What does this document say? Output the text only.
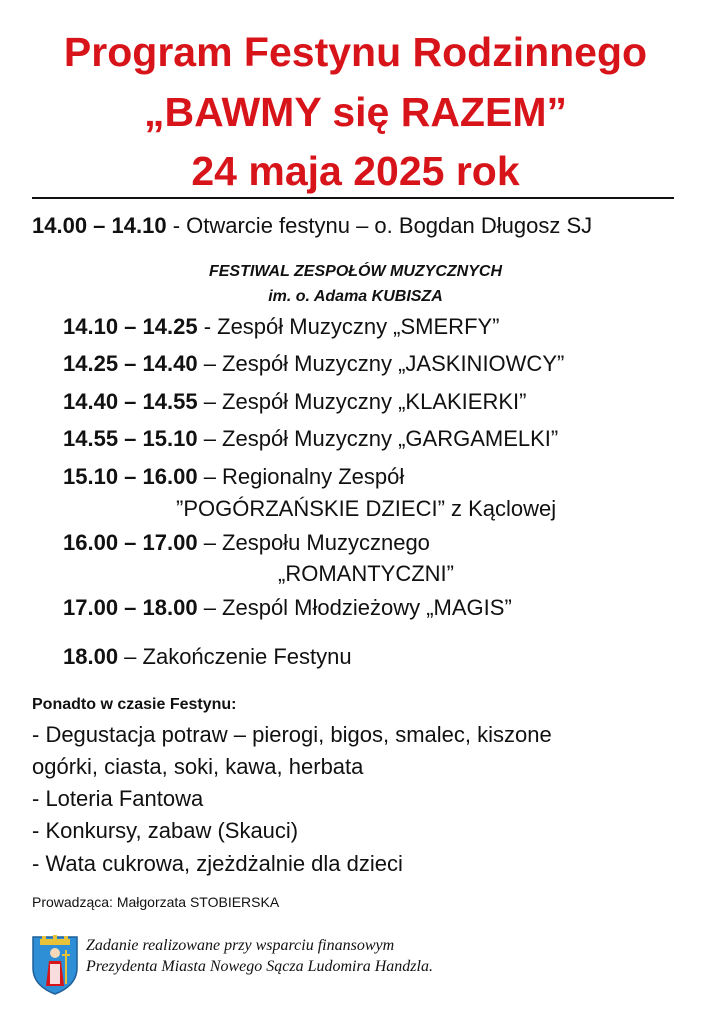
Program Festynu Rodzinnego
„BAWMY się RAZEM”
24 maja 2025 rok
14.00 – 14.10 - Otwarcie festynu – o. Bogdan Długosz SJ
FESTIWAL ZESPOŁÓW MUZYCZNYCH
im. o. Adama KUBISZA
14.10 – 14.25 - Zespół Muzyczny „SMERFY”
14.25 – 14.40 – Zespół Muzyczny „JASKINIOWCY”
14.40 – 14.55 – Zespół Muzyczny „KLAKIERKI”
14.55 – 15.10 – Zespół Muzyczny „GARGAMELKI”
15.10 – 16.00 – Regionalny Zespół
”POGÓRZAŃSKIE DZIECI” z Kąclowej
16.00 – 17.00 – Zespołu Muzycznego
„ROMANTYCZNI”
17.00 – 18.00 – Zespól Młodzieżowy „MAGIS”
18.00 – Zakończenie Festynu
Ponadto w czasie Festynu:
- Degustacja potraw – pierogi, bigos, smalec, kiszone
ogórki, ciasta, soki, kawa, herbata
- Loteria Fantowa
- Konkursy, zabaw (Skauci)
- Wata cukrowa, zjeżdżalnie dla dzieci
Prowadząca: Małgorzata STOBIERSKA
Zadanie realizowane przy wsparciu finansowym
Prezydenta Miasta Nowego Sącza Ludomira Handzla.
